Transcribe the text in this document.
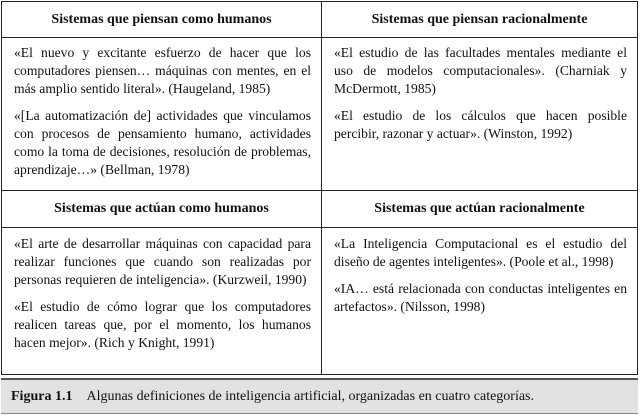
Sistemas que piensan como humanos

«El nuevo y excitante esfuerzo de hacer que los computadores piensen… máquinas con mentes, en el más amplio sentido literal». (Haugeland, 1985)

«[La automatización de] actividades que vinculamos con procesos de pensamiento humano, actividades como la toma de decisiones, resolución de problemas, aprendizaje…» (Bellman, 1978)

Sistemas que piensan racionalmente

«El estudio de las facultades mentales mediante el uso de modelos computacionales». (Charniak y McDermott, 1985)

«El estudio de los cálculos que hacen posible percibir, razonar y actuar». (Winston, 1992)

Sistemas que actúan como humanos

«El arte de desarrollar máquinas con capacidad para realizar funciones que cuando son realizadas por personas requieren de inteligencia». (Kurzweil, 1990)

«El estudio de cómo lograr que los computadores realicen tareas que, por el momento, los humanos hacen mejor». (Rich y Knight, 1991)

Sistemas que actúan racionalmente

«La Inteligencia Computacional es el estudio del diseño de agentes inteligentes». (Poole et al., 1998)

«IA… está relacionada con conductas inteligentes en artefactos». (Nilsson, 1998)

Figura 1.1 Algunas definiciones de inteligencia artificial, organizadas en cuatro categorías.
